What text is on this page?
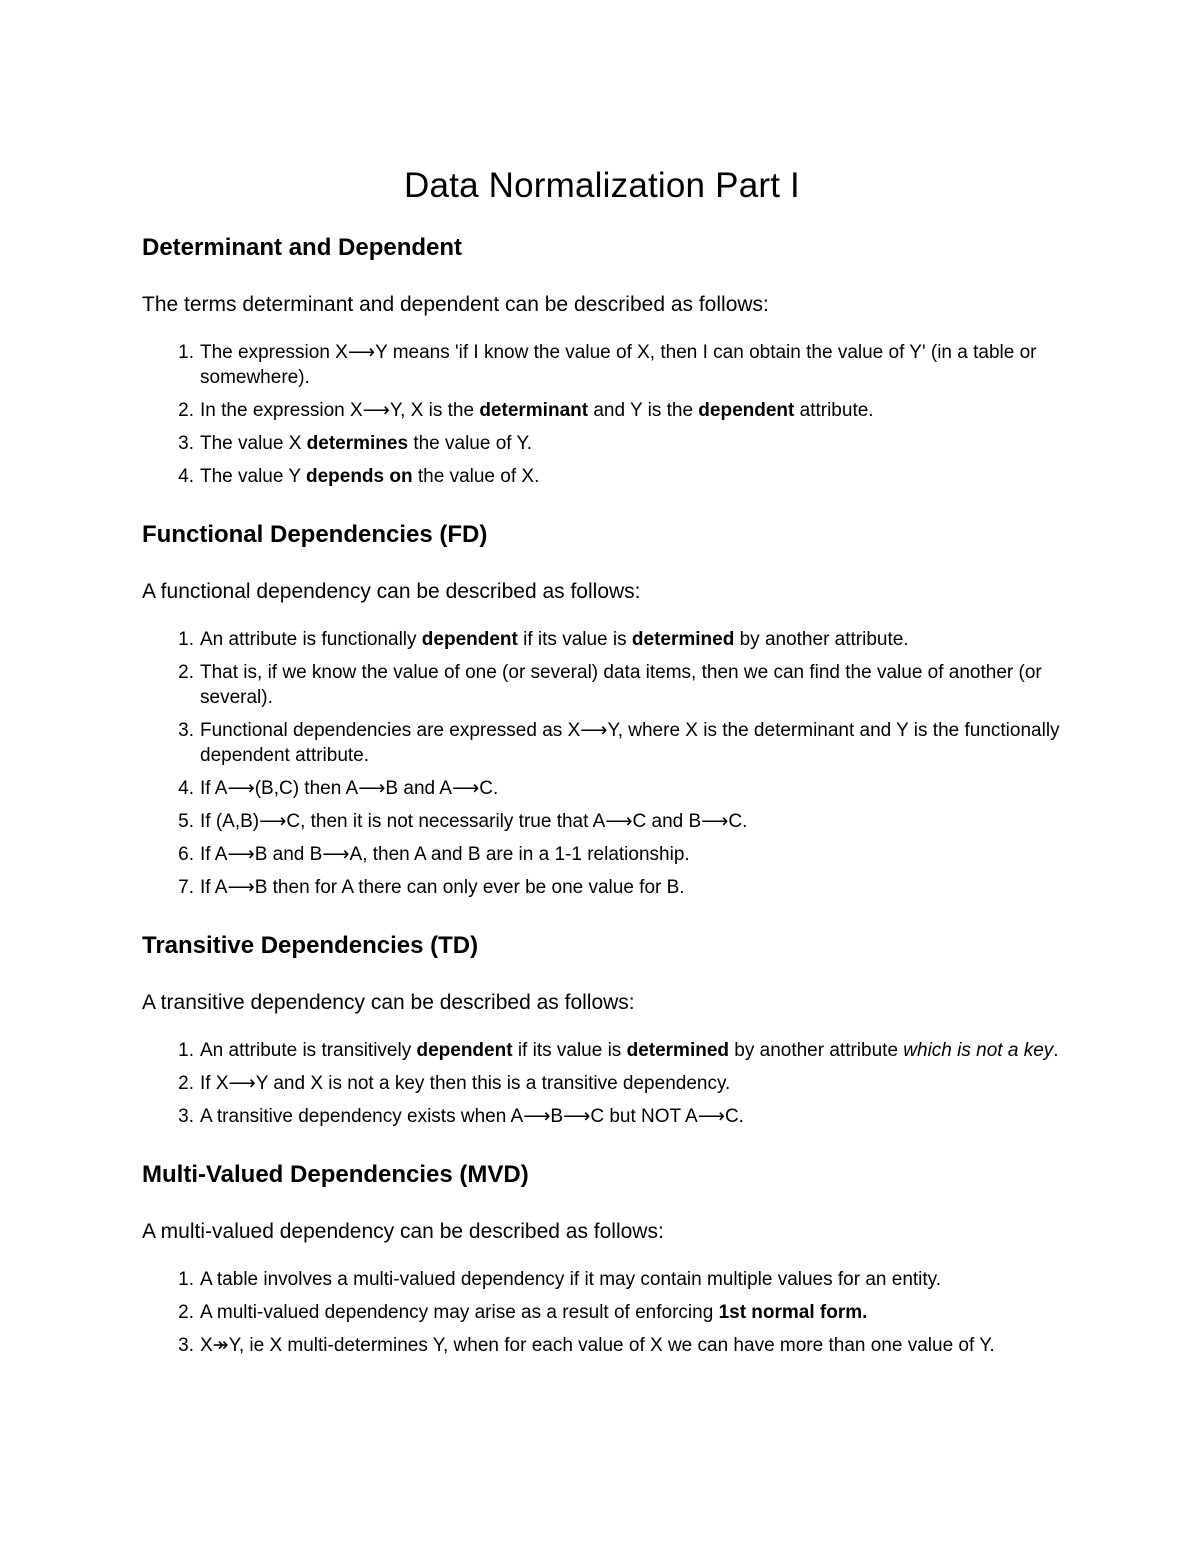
Data Normalization Part I
Determinant and Dependent

The terms determinant and dependent can be described as follows:

1. The expression X⟶Y means 'if I know the value of X, then I can obtain the value of Y' (in a table or somewhere).
2. In the expression X⟶Y, X is the determinant and Y is the dependent attribute.
3. The value X determines the value of Y.
4. The value Y depends on the value of X.
Functional Dependencies (FD)

A functional dependency can be described as follows:

1. An attribute is functionally dependent if its value is determined by another attribute.
2. That is, if we know the value of one (or several) data items, then we can find the value of another (or several).
3. Functional dependencies are expressed as X⟶Y, where X is the determinant and Y is the functionally dependent attribute.
4. If A⟶(B,C) then A⟶B and A⟶C.
5. If (A,B)⟶C, then it is not necessarily true that A⟶C and B⟶C.
6. If A⟶B and B⟶A, then A and B are in a 1-1 relationship.
7. If A⟶B then for A there can only ever be one value for B.
Transitive Dependencies (TD)

A transitive dependency can be described as follows:

1. An attribute is transitively dependent if its value is determined by another attribute which is not a key.
2. If X⟶Y and X is not a key then this is a transitive dependency.
3. A transitive dependency exists when A⟶B⟶C but NOT A⟶C.
Multi-Valued Dependencies (MVD)

A multi-valued dependency can be described as follows:

1. A table involves a multi-valued dependency if it may contain multiple values for an entity.
2. A multi-valued dependency may arise as a result of enforcing 1st normal form.
3. X↠Y, ie X multi-determines Y, when for each value of X we can have more than one value of Y.
